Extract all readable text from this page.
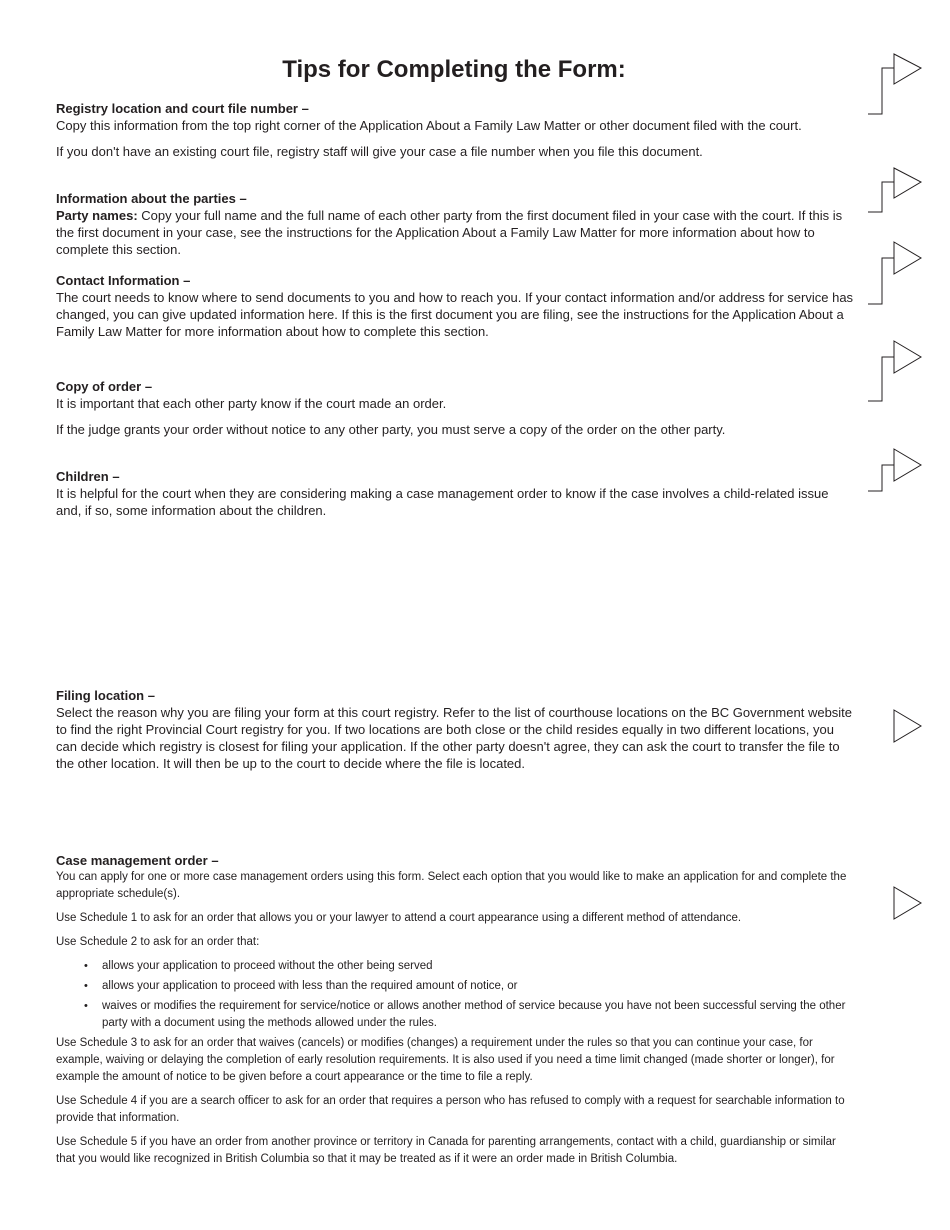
Tips for Completing the Form:
Registry location and court file number –

Copy this information from the top right corner of the Application About a Family Law Matter or other document filed with the court.

If you don't have an existing court file, registry staff will give your case a file number when you file this document.

Information about the parties –

Party names: Copy your full name and the full name of each other party from the first document filed in your case with the court. If this is the first document in your case, see the instructions for the Application About a Family Law Matter for more information about how to complete this section.

Contact Information –

The court needs to know where to send documents to you and how to reach you. If your contact information and/or address for service has changed, you can give updated information here. If this is the first document you are filing, see the instructions for the Application About a Family Law Matter for more information about how to complete this section.

Copy of order –

It is important that each other party know if the court made an order.

If the judge grants your order without notice to any other party, you must serve a copy of the order on the other party.

Children –

It is helpful for the court when they are considering making a case management order to know if the case involves a child-related issue and, if so, some information about the children.

Filing location –

Select the reason why you are filing your form at this court registry. Refer to the list of courthouse locations on the BC Government website to find the right Provincial Court registry for you. If two locations are both close or the child resides equally in two different locations, you can decide which registry is closest for filing your application. If the other party doesn't agree, they can ask the court to transfer the file to the other location. It will then be up to the court to decide where the file is located.

Case management order –

You can apply for one or more case management orders using this form. Select each option that you would like to make an application for and complete the appropriate schedule(s).

Use Schedule 1 to ask for an order that allows you or your lawyer to attend a court appearance using a different method of attendance.

Use Schedule 2 to ask for an order that:

• allows your application to proceed without the other being served
• allows your application to proceed with less than the required amount of notice, or
• waives or modifies the requirement for service/notice or allows another method of service because you have not been successful serving the other party with a document using the methods allowed under the rules.

Use Schedule 3 to ask for an order that waives (cancels) or modifies (changes) a requirement under the rules so that you can continue your case, for example, waiving or delaying the completion of early resolution requirements. It is also used if you need a time limit changed (made shorter or longer), for example the amount of notice to be given before a court appearance or the time to file a reply.

Use Schedule 4 if you are a search officer to ask for an order that requires a person who has refused to comply with a request for searchable information to provide that information.

Use Schedule 5 if you have an order from another province or territory in Canada for parenting arrangements, contact with a child, guardianship or similar that you would like recognized in British Columbia so that it may be treated as if it were an order made in British Columbia.
